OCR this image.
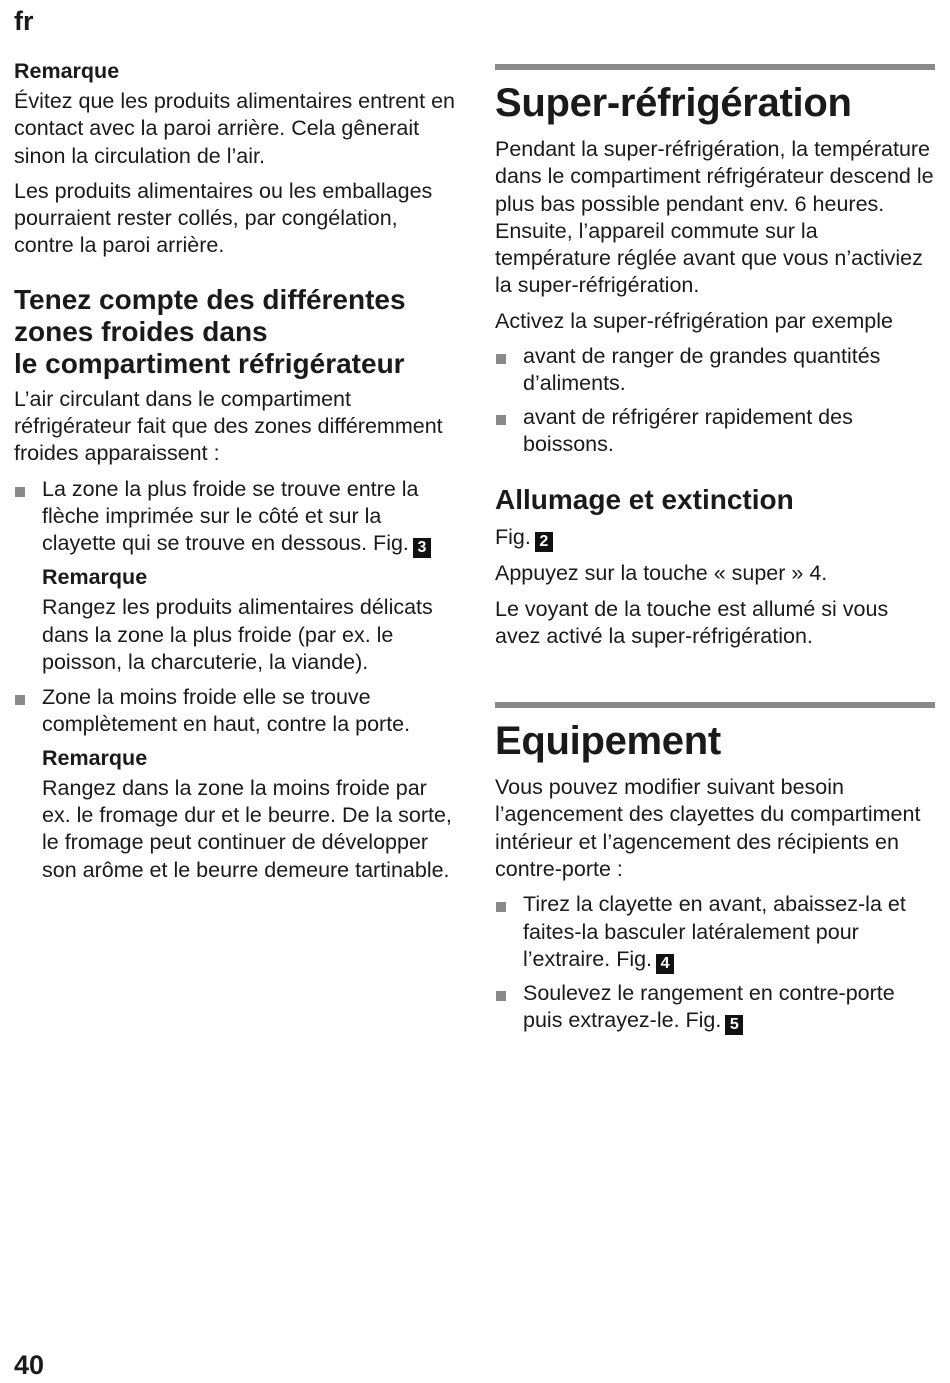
fr
Remarque

Évitez que les produits alimentaires entrent en contact avec la paroi arrière. Cela gênerait sinon la circulation de l’air.

Les produits alimentaires ou les emballages pourraient rester collés, par congélation, contre la paroi arrière.

Tenez compte des différentes
zones froides dans
le compartiment réfrigérateur

L’air circulant dans le compartiment réfrigérateur fait que des zones différemment froides apparaissent :

La zone la plus froide se trouve entre la flèche imprimée sur le côté et sur la clayette qui se trouve en dessous. Fig. 3
Remarque

Rangez les produits alimentaires délicats dans la zone la plus froide (par ex. le poisson, la charcuterie, la viande).

Zone la moins froide elle se trouve complètement en haut, contre la porte.
Remarque

Rangez dans la zone la moins froide par ex. le fromage dur et le beurre. De la sorte, le fromage peut continuer de développer son arôme et le beurre demeure tartinable.

Super-réfrigération

Pendant la super-réfrigération, la température dans le compartiment réfrigérateur descend le plus bas possible pendant env. 6 heures. Ensuite, l’appareil commute sur la température réglée avant que vous n’activiez la super-réfrigération.

Activez la super-réfrigération par exemple

avant de ranger de grandes quantités d’aliments.
avant de réfrigérer rapidement des boissons.
Allumage et extinction

Fig. 2

Appuyez sur la touche « super » 4.

Le voyant de la touche est allumé si vous avez activé la super-réfrigération.

Equipement

Vous pouvez modifier suivant besoin l’agencement des clayettes du compartiment intérieur et l’agencement des récipients en contre-porte :

Tirez la clayette en avant, abaissez-la et faites-la basculer latéralement pour l’extraire. Fig. 4
Soulevez le rangement en contre-porte puis extrayez-le. Fig. 5
40
